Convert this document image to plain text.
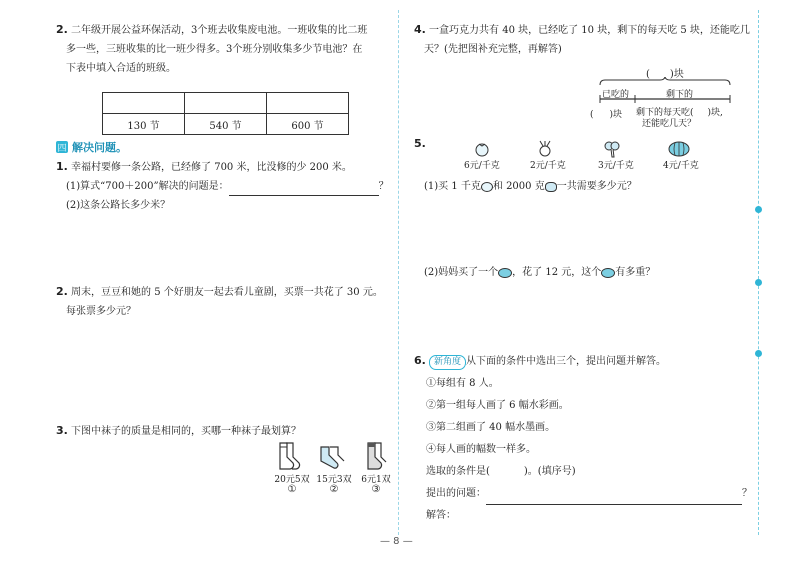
2. 二年级开展公益环保活动，3个班去收集废电池。一班收集的比二班
多一些，三班收集的比一班少得多。3个班分别收集多少节电池？在
下表中填入合适的班级。

130 节	540 节	600 节
四 解决问题。
1. 幸福村要修一条公路，已经修了 700 米，比没修的少 200 米。
(1)算式“700＋200”解决的问题是：	？
(2)这条公路长多少米？
2. 周末，豆豆和她的 5 个好朋友一起去看儿童剧，买票一共花了 30 元。
每张票多少元？
3. 下图中袜子的质量是相同的，买哪一种袜子最划算？
20元5双 15元3双	6元1双
①	②	③
4. 一盒巧克力共有 40 块，已经吃了 10 块，剩下的每天吃 5 块，还能吃几
天？(先把图补充完整，再解答)
( )块
已吃的	剩下的
( )块 剩下的每天吃( )块,
还能吃几天？
5.
6元/千克	2元/千克	3元/千克	4元/千克
(1)买 1 千克 和 2000 克 一共需要多少元？
(2)妈妈买了一个 ，花了 12 元，这个 有多重？
6. 新角度 从下面的条件中选出三个，提出问题并解答。
①每组有 8 人。
②第一组每人画了 6 幅水彩画。
③第二组画了 40 幅水墨画。
④每人画的幅数一样多。
选取的条件是(	)。(填序号)
提出的问题：	？
解答：
— 8 —
